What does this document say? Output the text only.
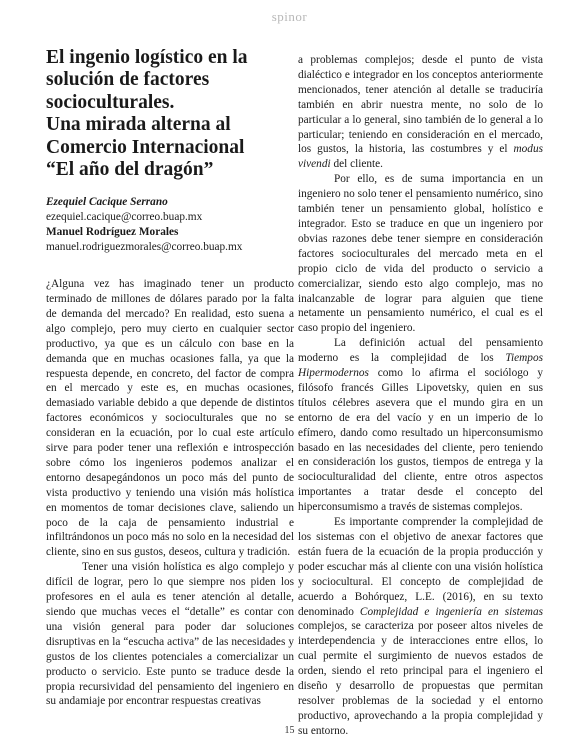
spinor
El ingenio logístico en la
solución de factores
socioculturales.
Una mirada alterna al
Comercio Internacional
“El año del dragón”
Ezequiel Cacique Serrano
ezequiel.cacique@correo.buap.mx
Manuel Rodríguez Morales
manuel.rodriguezmorales@correo.buap.mx

¿Alguna vez has imaginado tener un producto terminado de millones de dólares parado por la falta de demanda del mercado? En realidad, esto suena a algo complejo, pero muy cierto en cualquier sector productivo, ya que es un cálculo con base en la demanda que en muchas ocasiones falla, ya que la respuesta depende, en concreto, del factor de compra en el mercado y este es, en muchas ocasiones, demasiado variable debido a que depende de distintos factores económicos y socioculturales que no se consideran en la ecuación, por lo cual este artículo sirve para poder tener una reflexión e introspección sobre cómo los ingenieros podemos analizar el entorno desapegándonos un poco más del punto de vista productivo y teniendo una visión más holística en momentos de tomar decisiones clave, saliendo un poco de la caja de pensamiento industrial e infiltrándonos un poco más no solo en la necesidad del cliente, sino en sus gustos, deseos, cultura y tradición.

Tener una visión holística es algo complejo y difícil de lograr, pero lo que siempre nos piden los profesores en el aula es tener atención al detalle, siendo que muchas veces el “detalle” es contar con una visión general para poder dar soluciones disruptivas en la “escucha activa” de las necesidades y gustos de los clientes potenciales a comercializar un producto o servicio. Este punto se traduce desde la propia recursividad del pensamiento del ingeniero en su andamiaje por encontrar respuestas creativas

a problemas complejos; desde el punto de vista dialéctico e integrador en los conceptos anteriormente mencionados, tener atención al detalle se traduciría también en abrir nuestra mente, no solo de lo particular a lo general, sino también de lo general a lo particular; teniendo en consideración en el mercado, los gustos, la historia, las costumbres y el modus vivendi del cliente.

Por ello, es de suma importancia en un ingeniero no solo tener el pensamiento numérico, sino también tener un pensamiento global, holístico e integrador. Esto se traduce en que un ingeniero por obvias razones debe tener siempre en consideración factores socioculturales del mercado meta en el propio ciclo de vida del producto o servicio a comercializar, siendo esto algo complejo, mas no inalcanzable de lograr para alguien que tiene netamente un pensamiento numérico, el cual es el caso propio del ingeniero.

La definición actual del pensamiento moderno es la complejidad de los Tiempos Hipermodernos como lo afirma el sociólogo y filósofo francés Gilles Lipovetsky, quien en sus títulos célebres asevera que el mundo gira en un entorno de era del vacío y en un imperio de lo efímero, dando como resultado un hiperconsumismo basado en las necesidades del cliente, pero teniendo en consideración los gustos, tiempos de entrega y la socioculturalidad del cliente, entre otros aspectos importantes a tratar desde el concepto del hiperconsumismo a través de sistemas complejos.

Es importante comprender la complejidad de los sistemas con el objetivo de anexar factores que están fuera de la ecuación de la propia producción y poder escuchar más al cliente con una visión holística y sociocultural. El concepto de complejidad de acuerdo a Bohórquez, L.E. (2016), en su texto denominado Complejidad e ingeniería en sistemas complejos, se caracteriza por poseer altos niveles de interdependencia y de interacciones entre ellos, lo cual permite el surgimiento de nuevos estados de orden, siendo el reto principal para el ingeniero el diseño y desarrollo de propuestas que permitan resolver problemas de la sociedad y el entorno productivo, aprovechando a la propia complejidad y su entorno.

15
